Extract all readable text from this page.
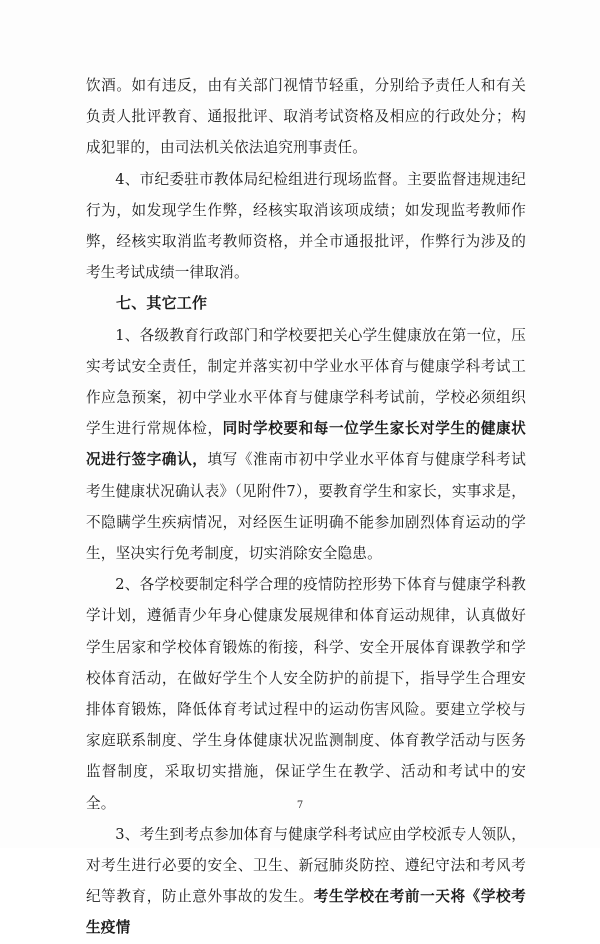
饮酒。如有违反，由有关部门视情节轻重，分别给予责任人和有关负责人批评教育、通报批评、取消考试资格及相应的行政处分；构成犯罪的，由司法机关依法追究刑事责任。

4、市纪委驻市教体局纪检组进行现场监督。主要监督违规违纪行为，如发现学生作弊，经核实取消该项成绩；如发现监考教师作弊，经核实取消监考教师资格，并全市通报批评，作弊行为涉及的考生考试成绩一律取消。

七、其它工作

1、各级教育行政部门和学校要把关心学生健康放在第一位，压实考试安全责任，制定并落实初中学业水平体育与健康学科考试工作应急预案，初中学业水平体育与健康学科考试前，学校必须组织学生进行常规体检，同时学校要和每一位学生家长对学生的健康状况进行签字确认，填写《淮南市初中学业水平体育与健康学科考试考生健康状况确认表》（见附件7），要教育学生和家长，实事求是，不隐瞒学生疾病情况，对经医生证明确不能参加剧烈体育运动的学生，坚决实行免考制度，切实消除安全隐患。

2、各学校要制定科学合理的疫情防控形势下体育与健康学科教学计划，遵循青少年身心健康发展规律和体育运动规律，认真做好学生居家和学校体育锻炼的衔接，科学、安全开展体育课教学和学校体育活动，在做好学生个人安全防护的前提下，指导学生合理安排体育锻炼，降低体育考试过程中的运动伤害风险。要建立学校与家庭联系制度、学生身体健康状况监测制度、体育教学活动与医务监督制度，采取切实措施，保证学生在教学、活动和考试中的安全。

3、考生到考点参加体育与健康学科考试应由学校派专人领队，对考生进行必要的安全、卫生、新冠肺炎防控、遵纪守法和考风考纪等教育，防止意外事故的发生。考生学校在考前一天将《学校考生疫情

7
